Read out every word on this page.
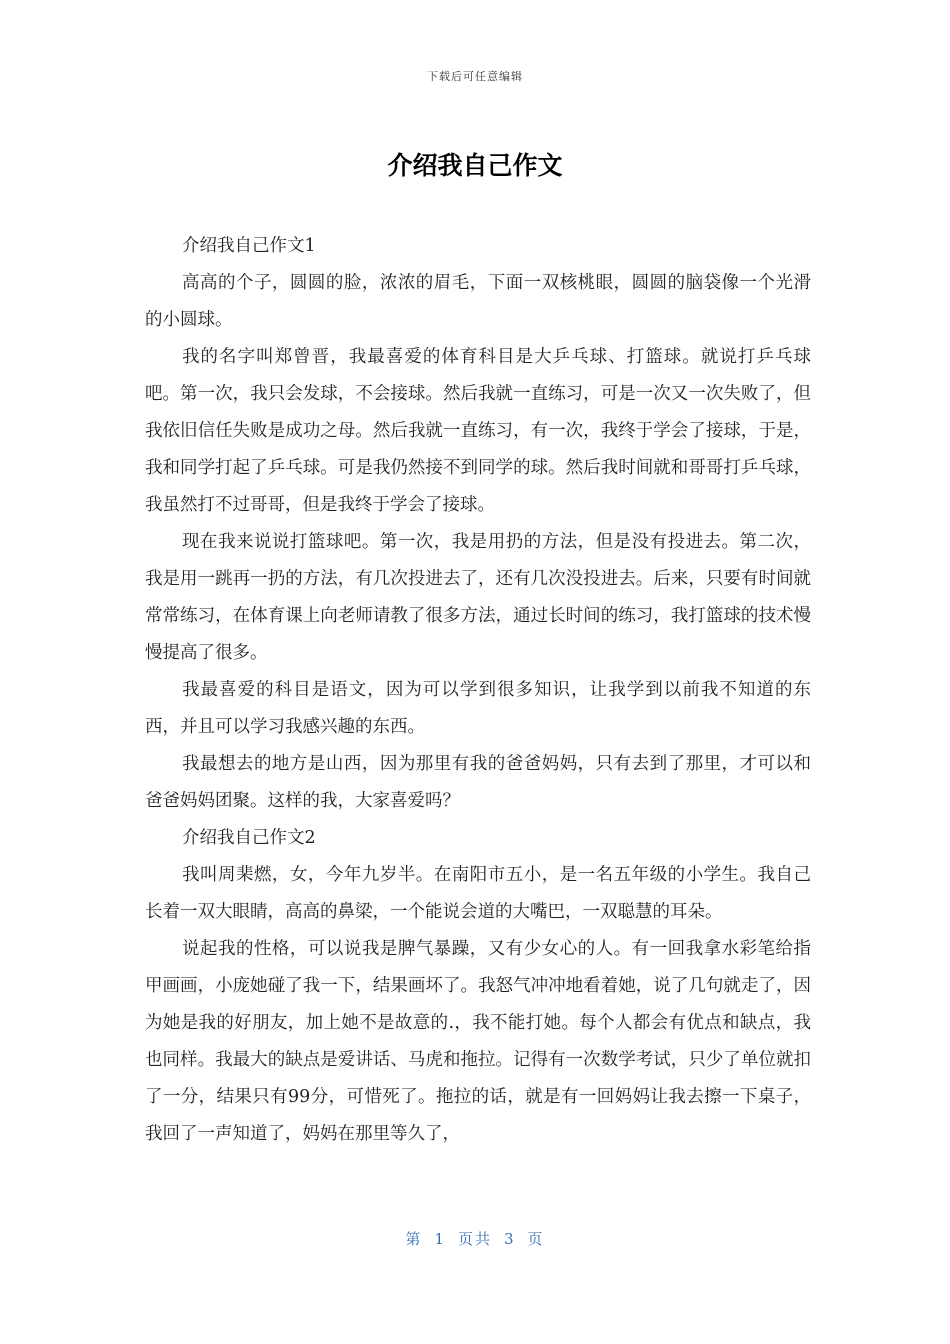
下载后可任意编辑
介绍我自己作文

介绍我自己作文1

高高的个子，圆圆的脸，浓浓的眉毛，下面一双核桃眼，圆圆的脑袋像一个光滑的小圆球。

我的名字叫郑曾晋，我最喜爱的体育科目是大乒乓球、打篮球。就说打乒乓球吧。第一次，我只会发球，不会接球。然后我就一直练习，可是一次又一次失败了，但我依旧信任失败是成功之母。然后我就一直练习，有一次，我终于学会了接球，于是，我和同学打起了乒乓球。可是我仍然接不到同学的球。然后我时间就和哥哥打乒乓球，我虽然打不过哥哥，但是我终于学会了接球。

现在我来说说打篮球吧。第一次，我是用扔的方法，但是没有投进去。第二次，我是用一跳再一扔的方法，有几次投进去了，还有几次没投进去。后来，只要有时间就常常练习，在体育课上向老师请教了很多方法，通过长时间的练习，我打篮球的技术慢慢提高了很多。

我最喜爱的科目是语文，因为可以学到很多知识，让我学到以前我不知道的东西，并且可以学习我感兴趣的东西。

我最想去的地方是山西，因为那里有我的爸爸妈妈，只有去到了那里，才可以和爸爸妈妈团聚。这样的我，大家喜爱吗？

介绍我自己作文2

我叫周棐燃，女，今年九岁半。在南阳市五小，是一名五年级的小学生。我自己长着一双大眼睛，高高的鼻梁，一个能说会道的大嘴巴，一双聪慧的耳朵。

说起我的性格，可以说我是脾气暴躁，又有少女心的人。有一回我拿水彩笔给指甲画画，小庞她碰了我一下，结果画坏了。我怒气冲冲地看着她，说了几句就走了，因为她是我的好朋友，加上她不是故意的.，我不能打她。每个人都会有优点和缺点，我也同样。我最大的缺点是爱讲话、马虎和拖拉。记得有一次数学考试，只少了单位就扣了一分，结果只有99分，可惜死了。拖拉的话，就是有一回妈妈让我去擦一下桌子，我回了一声知道了，妈妈在那里等久了，

第 1 页共 3 页
